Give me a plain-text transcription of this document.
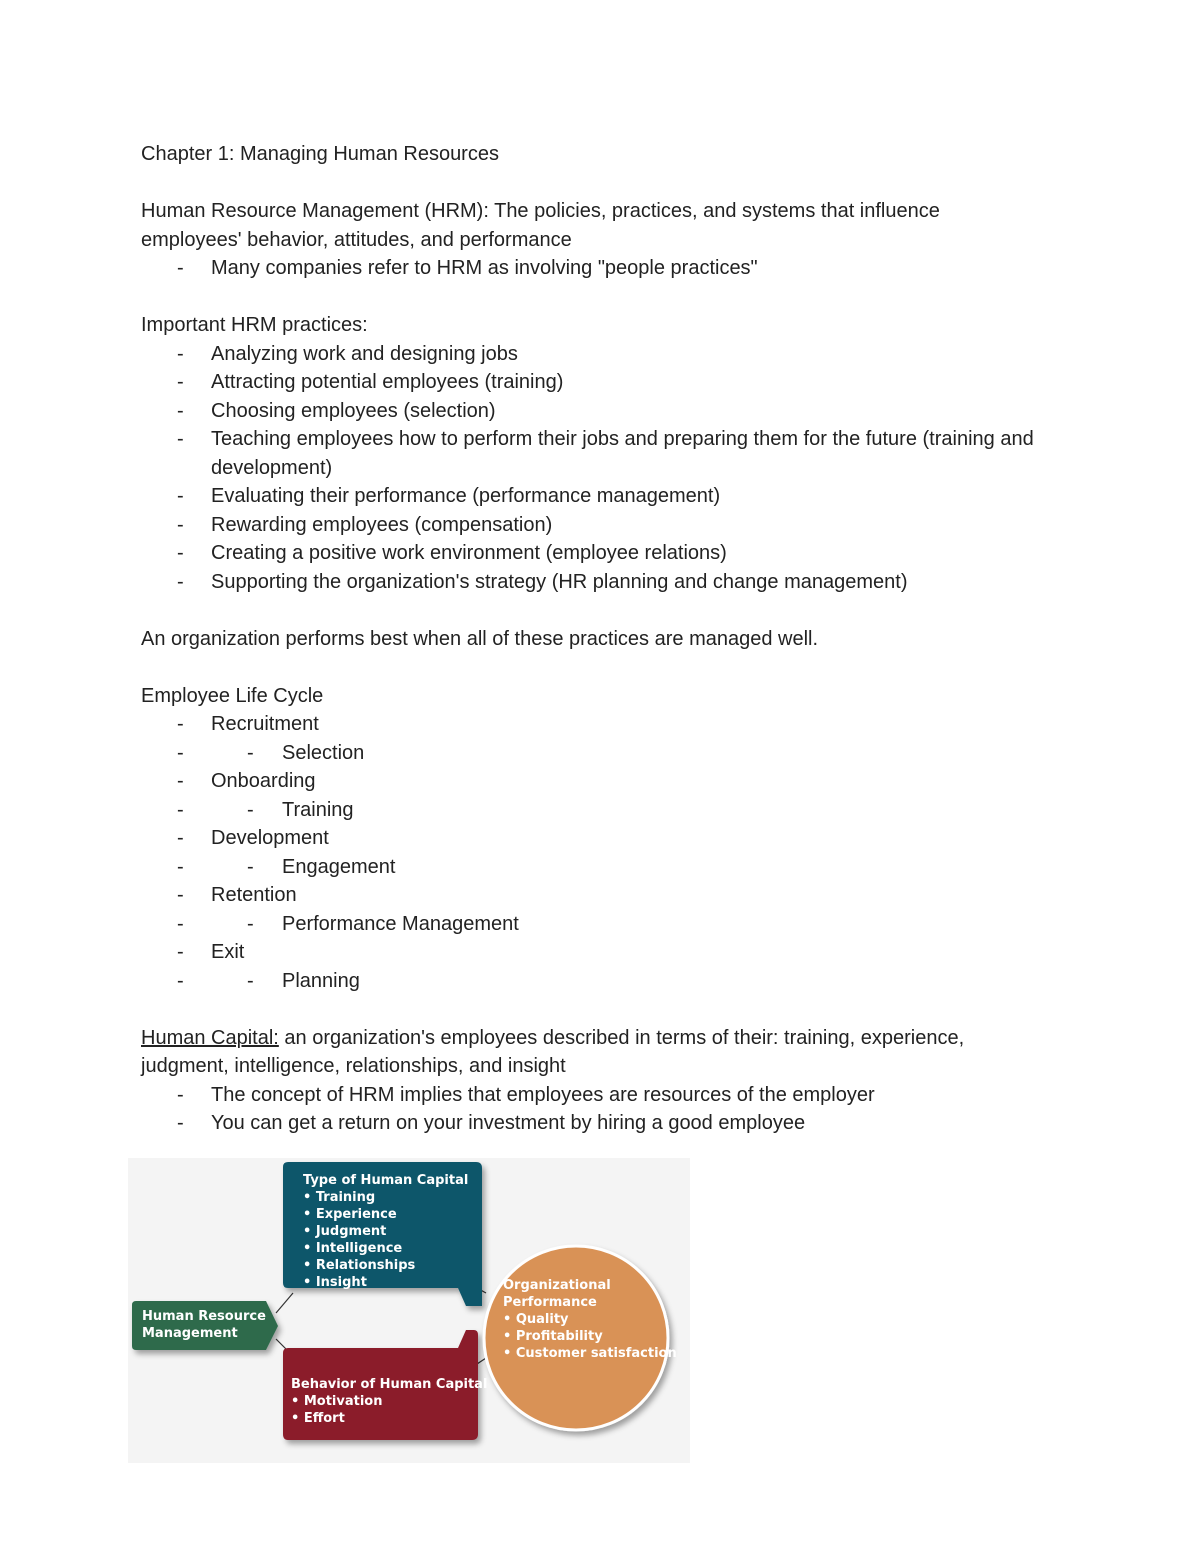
Chapter 1: Managing Human Resources

Human Resource Management (HRM): The policies, practices, and systems that influence

employees' behavior, attitudes, and performance

- Many companies refer to HRM as involving "people practices"

Important HRM practices:

- Analyzing work and designing jobs
- Attracting potential employees (training)
- Choosing employees (selection)
- Teaching employees how to perform their jobs and preparing them for the future (training and development)
- Evaluating their performance (performance management)
- Rewarding employees (compensation)
- Creating a positive work environment (employee relations)
- Supporting the organization's strategy (HR planning and change management)

An organization performs best when all of these practices are managed well.

Employee Life Cycle

- Recruitment
- - Selection
- Onboarding
- - Training
- Development
- - Engagement
- Retention
- - Performance Management
- Exit
- - Planning

Human Capital: an organization's employees described in terms of their: training, experience,

judgment, intelligence, relationships, and insight

- The concept of HRM implies that employees are resources of the employer
- You can get a return on your investment by hiring a good employee
Human Resource
Management
Type of Human Capital
• Training
• Experience
• Judgment
• Intelligence
• Relationships
• Insight
Behavior of Human Capital
• Motivation
• Effort
Organizational
Performance
• Quality
• Profitability
• Customer satisfaction
